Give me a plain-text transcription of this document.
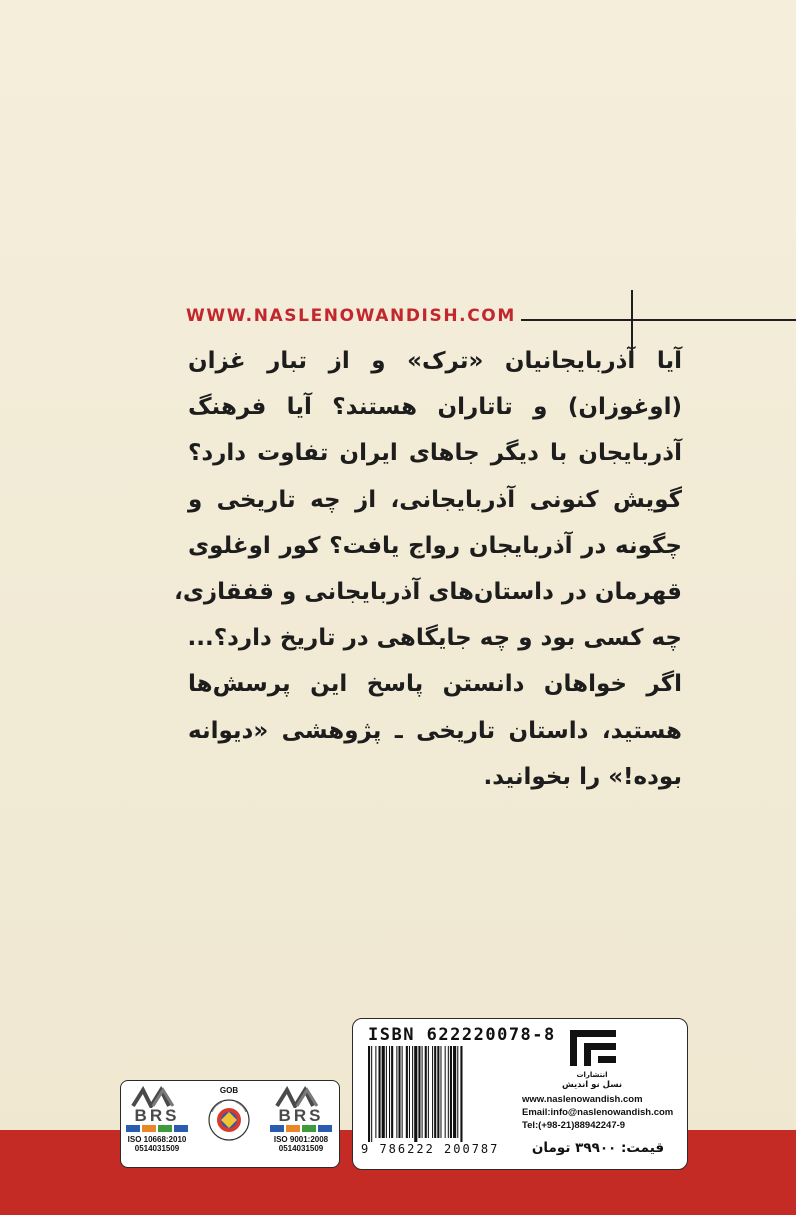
WWW.NASLENOWANDISH.COM
آیا آذربایجانیان «ترک» و از تبار غزان
(اوغوزان) و تاتاران هستند؟ آیا فرهنگ
آذربایجان با دیگر جاهای ایران تفاوت دارد؟
گویش کنونی آذربایجانی، از چه تاریخی و
چگونه در آذربایجان رواج یافت؟ کور اوغلوی
قهرمان در داستان‌های آذربایجانی و قفقازی،
چه کسی بود و چه جایگاهی در تاریخ دارد؟...
اگر خواهان دانستن پاسخ این پرسش‌ها
هستید، داستان تاریخی ـ پژوهشی «دیوانه
بوده!» را بخوانید.
ISBN 622220078-8
9 786222 200787
انتشارات
نسل نو اندیش
www.naslenowandish.com
Email:info@naslenowandish.com
Tel:(+98-21)88942247-9
قیمت: ۳۹۹۰۰ تومان
BRS
ISO 10668:2010
0514031509
GOB
BRS
ISO 9001:2008
0514031509
